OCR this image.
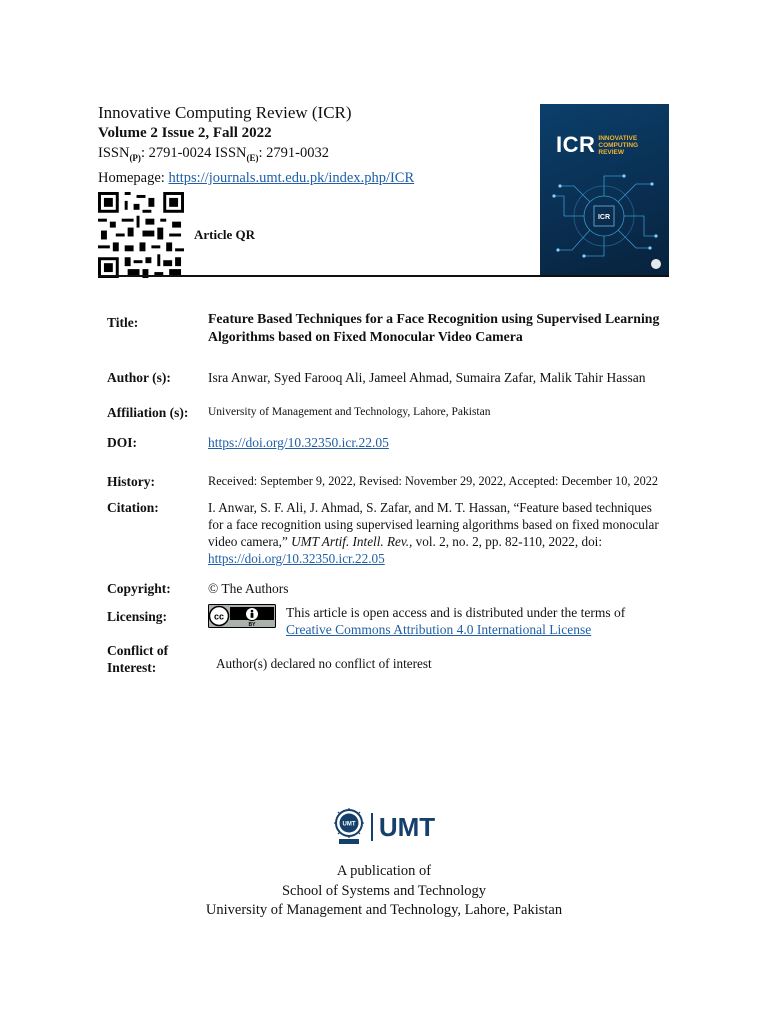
Innovative Computing Review (ICR)
Volume 2 Issue 2, Fall 2022
$ISSN_{(P)}$: 2791-0024 $ISSN_{(E)}$: 2791-0032
Homepage: https://journals.umt.edu.pk/index.php/ICR
Article QR
ICR
ICR INNOVATIVE
COMPUTING
REVIEW
Title:	Feature Based Techniques for a Face Recognition using Supervised Learning Algorithms based on Fixed Monocular Video Camera
Author (s):	Isra Anwar, Syed Farooq Ali, Jameel Ahmad, Sumaira Zafar, Malik Tahir Hassan
Affiliation (s):	University of Management and Technology, Lahore, Pakistan
DOI:	https://doi.org/10.32350.icr.22.05
History:	Received: September 9, 2022, Revised: November 29, 2022, Accepted: December 10, 2022
Citation:	I. Anwar, S. F. Ali, J. Ahmad, S. Zafar, and M. T. Hassan, “Feature based techniques for a face recognition using supervised learning algorithms based on fixed monocular video camera,” UMT Artif. Intell. Rev., vol. 2, no. 2, pp. 82-110, 2022, doi: https://doi.org/10.32350.icr.22.05
Copyright:	© The Authors
Licensing:	cc
BY
This article is open access and is distributed under the terms of
Creative Commons Attribution 4.0 International License
Conflict of
Interest:	Author(s) declared no conflict of interest
UMT UMT
A publication of
School of Systems and Technology
University of Management and Technology, Lahore, Pakistan
